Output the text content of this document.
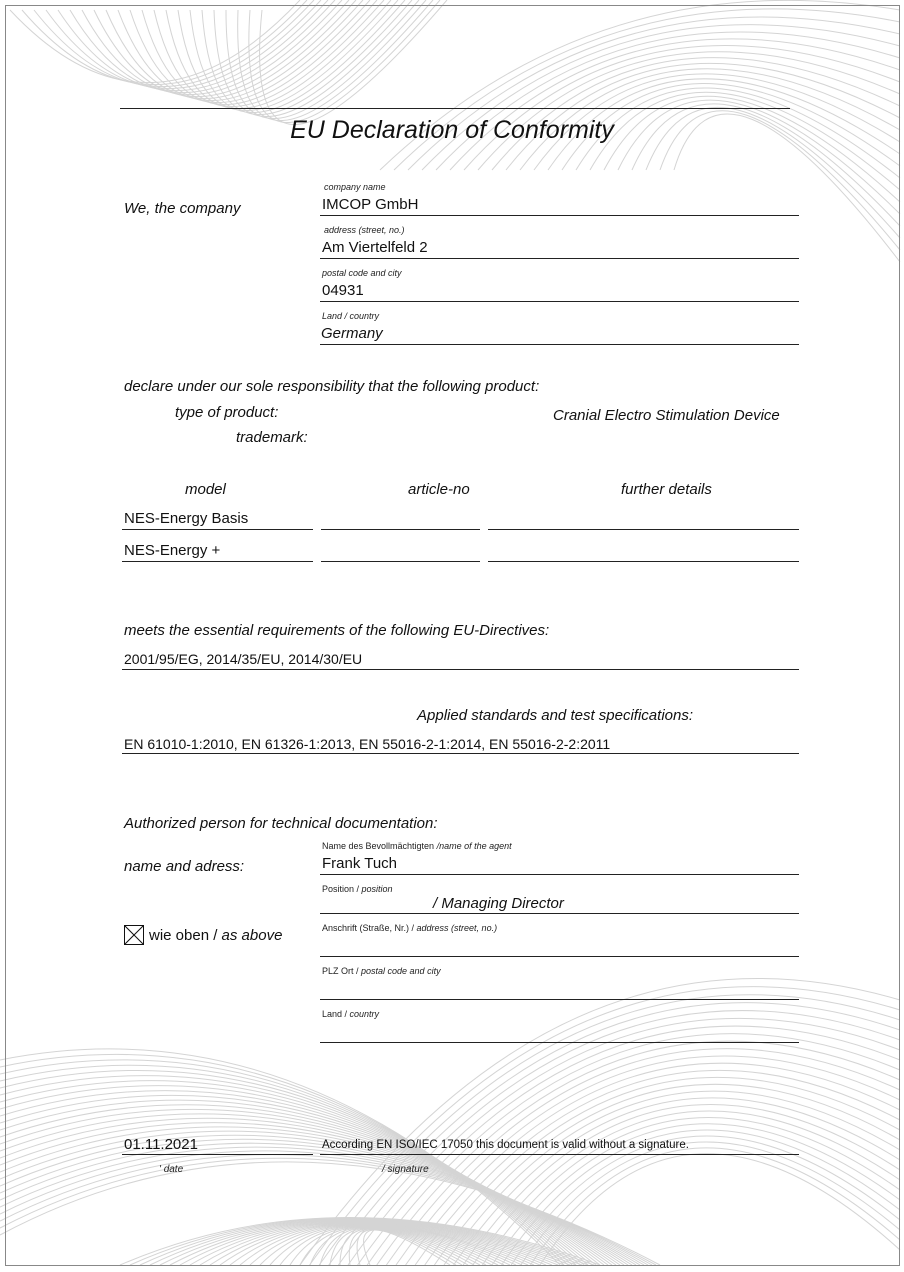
EU Declaration of Conformity
We, the company
company name
IMCOP GmbH
address (street, no.)
Am Viertelfeld 2
postal code and city
04931
Land / country
Germany
declare under our sole responsibility that the following product:
type of product:	Cranial Electro Stimulation Device
trademark:
model	article-no	further details
NES-Energy Basis
NES-Energy +
meets the essential requirements of the following EU-Directives:
2001/95/EG, 2014/35/EU, 2014/30/EU
Applied standards and test specifications:
EN 61010-1:2010, EN 61326-1:2013, EN 55016-2-1:2014, EN 55016-2-2:2011
Authorized person for technical documentation:
name and adress:
Name des Bevollmächtigten /name of the agent
Frank Tuch
Position / position
/ Managing Director
wie oben / as above	Anschrift (Straße, Nr.) / address (street, no.)
PLZ Ort / postal code and city
Land / country
01.11.2021
' date
According EN ISO/IEC 17050 this document is valid without a signature.
/ signature
